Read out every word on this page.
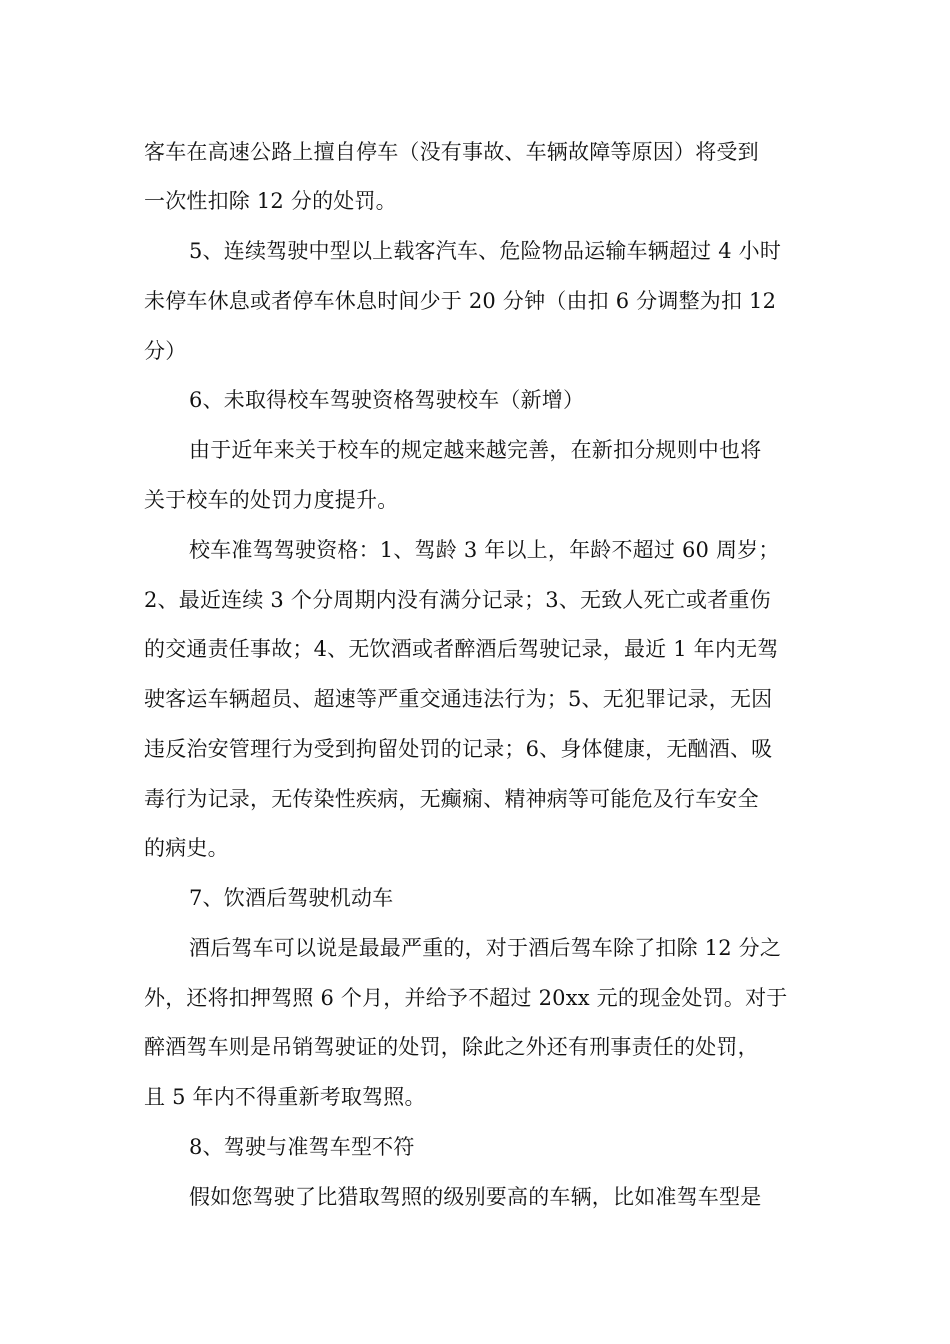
客车在高速公路上擅自停车（没有事故、车辆故障等原因）将受到
一次性扣除 12 分的处罚。
5、连续驾驶中型以上载客汽车、危险物品运输车辆超过 4 小时
未停车休息或者停车休息时间少于 20 分钟（由扣 6 分调整为扣 12
分）
6、未取得校车驾驶资格驾驶校车（新增）
由于近年来关于校车的规定越来越完善，在新扣分规则中也将
关于校车的处罚力度提升。
校车准驾驾驶资格：1、驾龄 3 年以上，年龄不超过 60 周岁；
2、最近连续 3 个分周期内没有满分记录；3、无致人死亡或者重伤
的交通责任事故；4、无饮酒或者醉酒后驾驶记录，最近 1 年内无驾
驶客运车辆超员、超速等严重交通违法行为；5、无犯罪记录，无因
违反治安管理行为受到拘留处罚的记录；6、身体健康，无酗酒、吸
毒行为记录，无传染性疾病，无癫痫、精神病等可能危及行车安全
的病史。
7、饮酒后驾驶机动车
酒后驾车可以说是最最严重的，对于酒后驾车除了扣除 12 分之
外，还将扣押驾照 6 个月，并给予不超过 20xx 元的现金处罚。对于
醉酒驾车则是吊销驾驶证的处罚，除此之外还有刑事责任的处罚，
且 5 年内不得重新考取驾照。
8、驾驶与准驾车型不符
假如您驾驶了比猎取驾照的级别要高的车辆，比如准驾车型是
